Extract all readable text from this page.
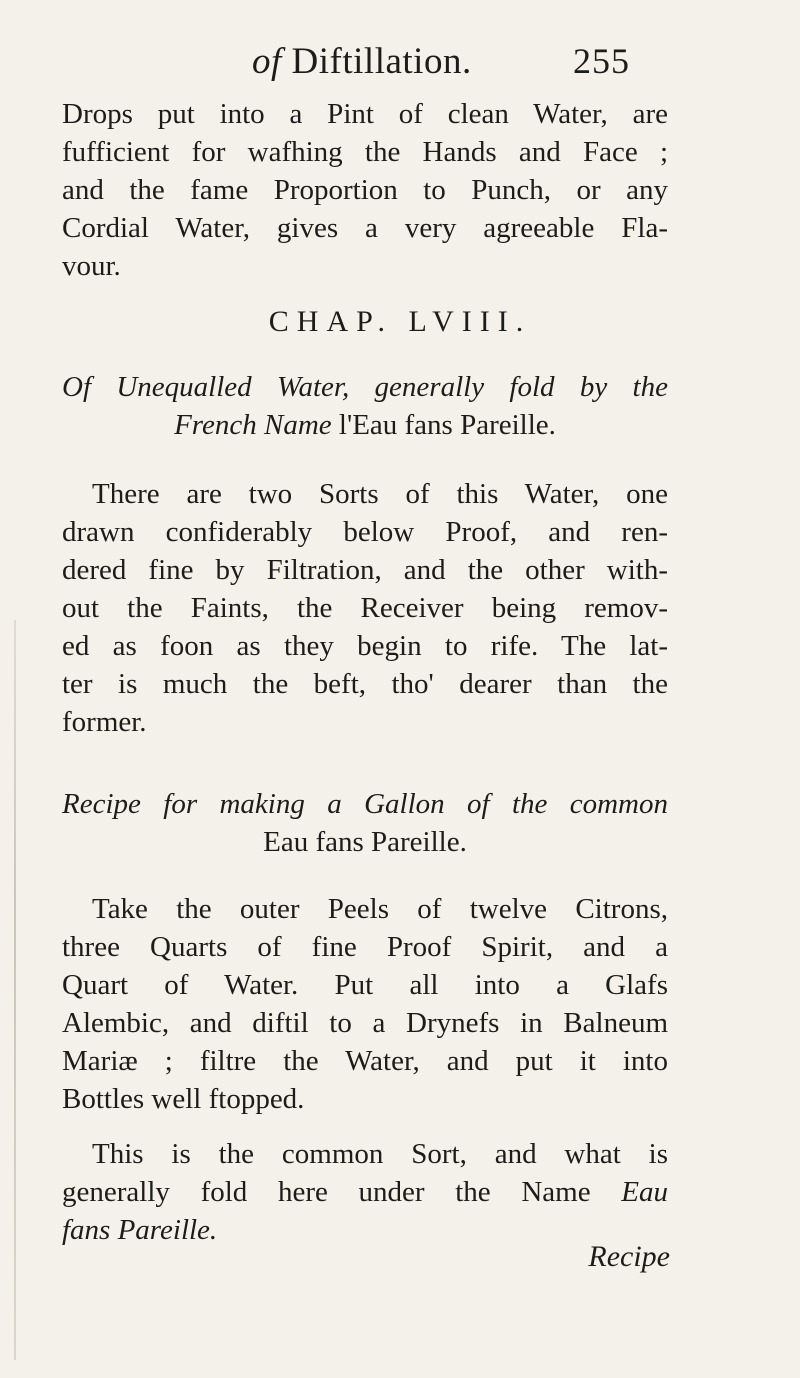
of Diftillation.	255
Drops put into a Pint of clean Water, are
fufficient for wafhing the Hands and Face ;
and the fame Proportion to Punch, or any
Cordial Water, gives a very agreeable Fla-
vour.
CHAP. LVIII.
Of Unequalled Water, generally fold by the
French Name l'Eau fans Pareille.
There are two Sorts of this Water, one
drawn confiderably below Proof, and ren-
dered fine by Filtration, and the other with-
out the Faints, the Receiver being remov-
ed as foon as they begin to rife. The lat-
ter is much the beft, tho' dearer than the
former.
Recipe for making a Gallon of the common
Eau fans Pareille.
Take the outer Peels of twelve Citrons,
three Quarts of fine Proof Spirit, and a
Quart of Water. Put all into a Glafs
Alembic, and diftil to a Drynefs in Balneum
Mariæ ; filtre the Water, and put it into
Bottles well ftopped.
This is the common Sort, and what is
generally fold here under the Name Eau
fans Pareille.
Recipe
